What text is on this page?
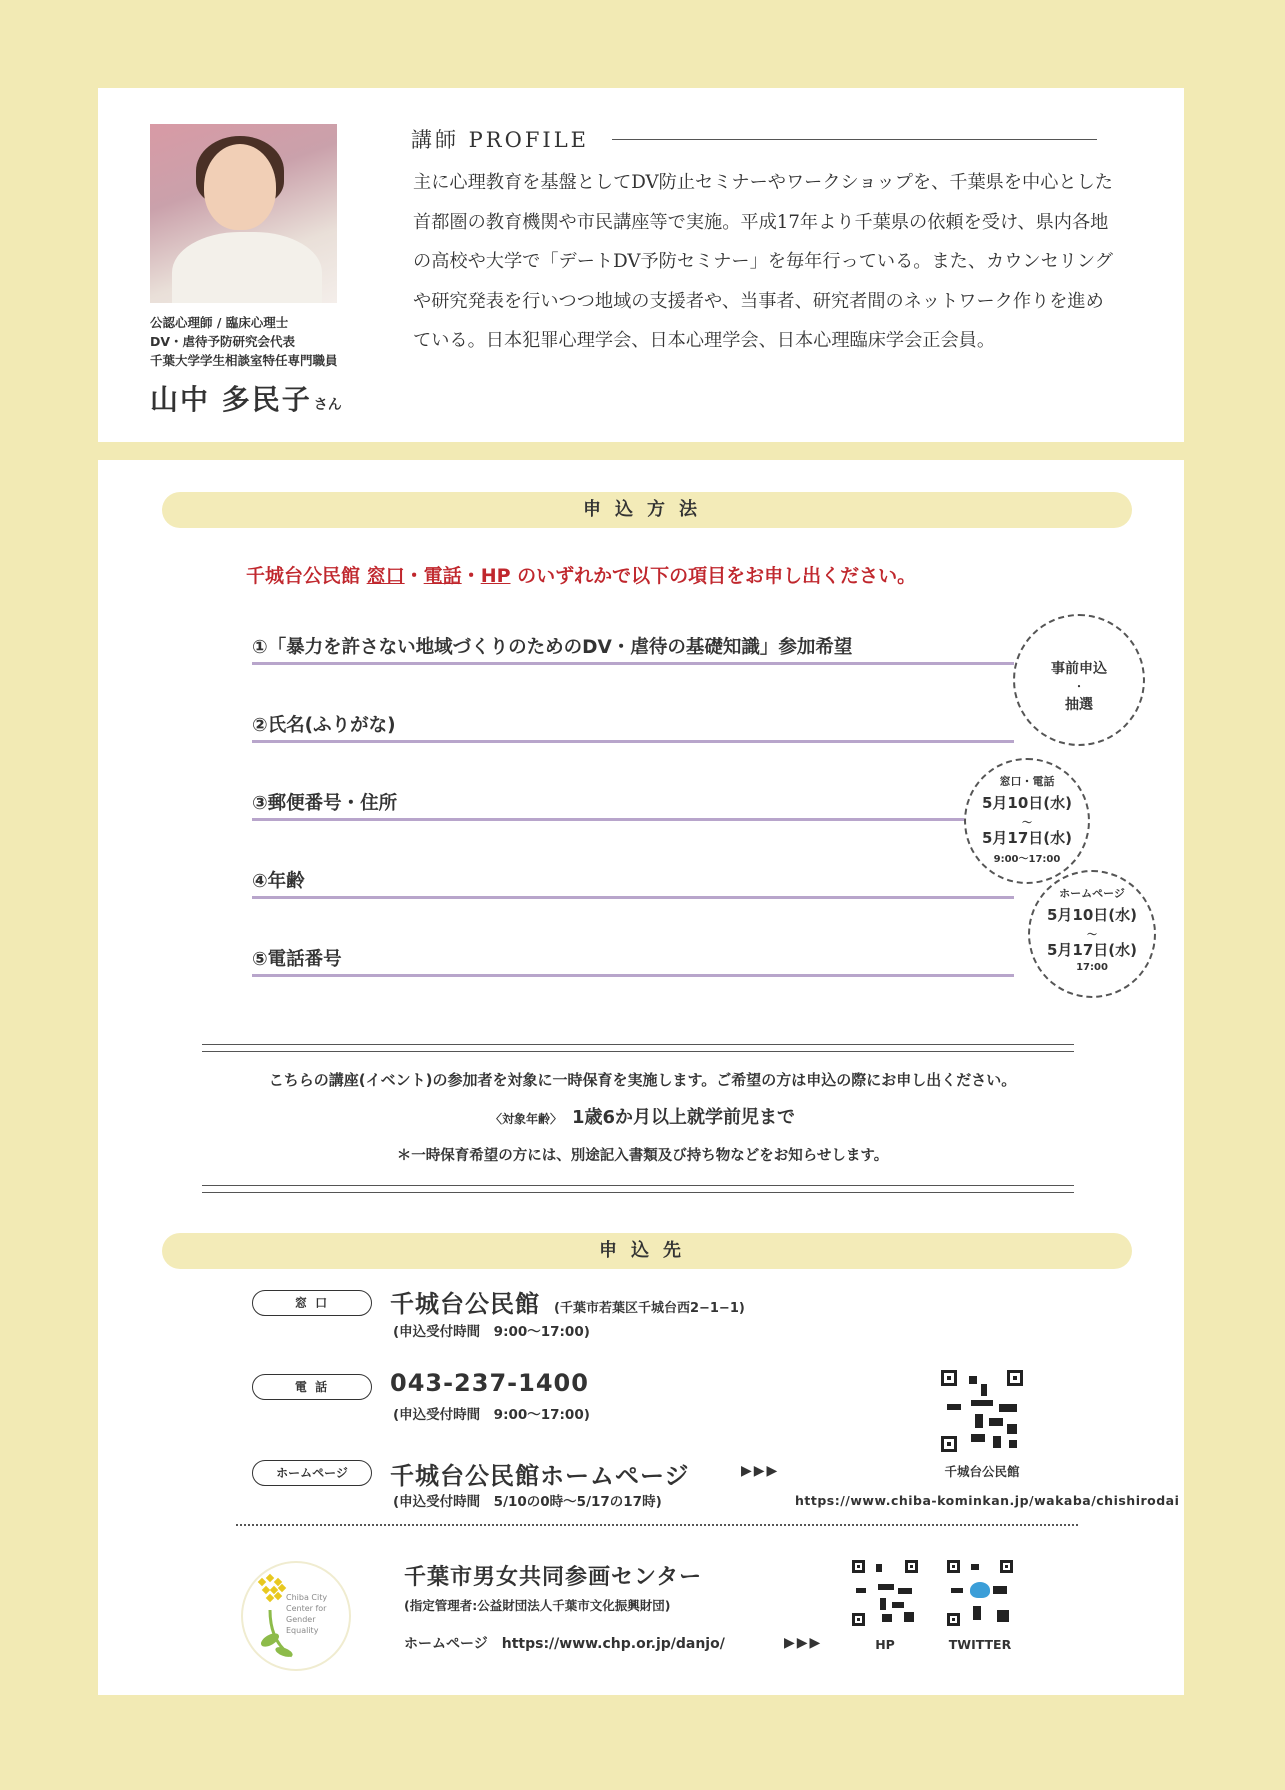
公認心理師 / 臨床心理士
DV・虐待予防研究会代表
千葉大学学生相談室特任専門職員
山中 多民子 さん
講師 PROFILE
主に心理教育を基盤としてDV防止セミナーやワークショップを、千葉県を中心とした首都圏の教育機関や市民講座等で実施。平成17年より千葉県の依頼を受け、県内各地の高校や大学で「デートDV予防セミナー」を毎年行っている。また、カウンセリングや研究発表を行いつつ地域の支援者や、当事者、研究者間のネットワーク作りを進めている。日本犯罪心理学会、日本心理学会、日本心理臨床学会正会員。
申込方法
千城台公民館 窓口・電話・HP のいずれかで以下の項目をお申し出ください。
①「暴力を許さない地域づくりのためのDV・虐待の基礎知識」参加希望
②氏名(ふりがな)
③郵便番号・住所
④年齢
⑤電話番号
事前申込
・
抽選
窓口・電話
5月10日(水)
〜
5月17日(水)
9:00〜17:00
ホームページ
5月10日(水)
〜
5月17日(水)
17:00
こちらの講座(イベント)の参加者を対象に一時保育を実施します。ご希望の方は申込の際にお申し出ください。
〈対象年齢〉 1歳6か月以上就学前児まで
＊一時保育希望の方には、別途記入書類及び持ち物などをお知らせします。
申込先
窓 口	千城台公民館 (千葉市若葉区千城台西2−1−1)
(申込受付時間　9:00〜17:00)
電 話	043-237-1400
(申込受付時間　9:00〜17:00)
ホームページ	千城台公民館ホームページ	▶▶▶
(申込受付時間　5/10の0時〜5/17の17時)
千城台公民館
https://www.chiba-kominkan.jp/wakaba/chishirodai
Chiba City
Center for
Gender
Equality
千葉市男女共同参画センター
(指定管理者:公益財団法人千葉市文化振興財団)
ホームページ https://www.chp.or.jp/danjo/	▶▶▶	HP	TWITTER
